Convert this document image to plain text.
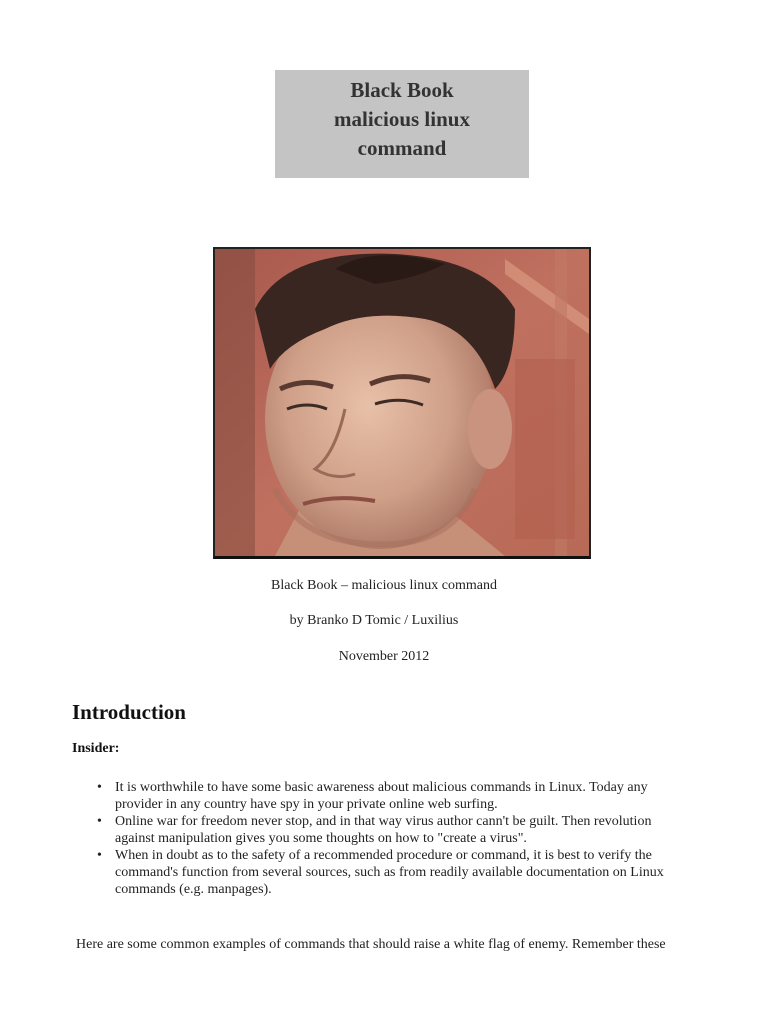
Black Book
malicious linux
command
Black Book – malicious linux command
by Branko D Tomic / Luxilius
November 2012
Introduction
Insider:
• It is worthwhile to have some basic awareness about malicious commands in Linux. Today any
provider in any country have spy in your private online web surfing.
• Online war for freedom never stop, and in that way virus author cann't be guilt. Then revolution
against manipulation gives you some thoughts on how to "create a virus".
• When in doubt as to the safety of a recommended procedure or command, it is best to verify the
command's function from several sources, such as from readily available documentation on Linux
commands (e.g. manpages).
Here are some common examples of commands that should raise a white flag of enemy. Remember these
